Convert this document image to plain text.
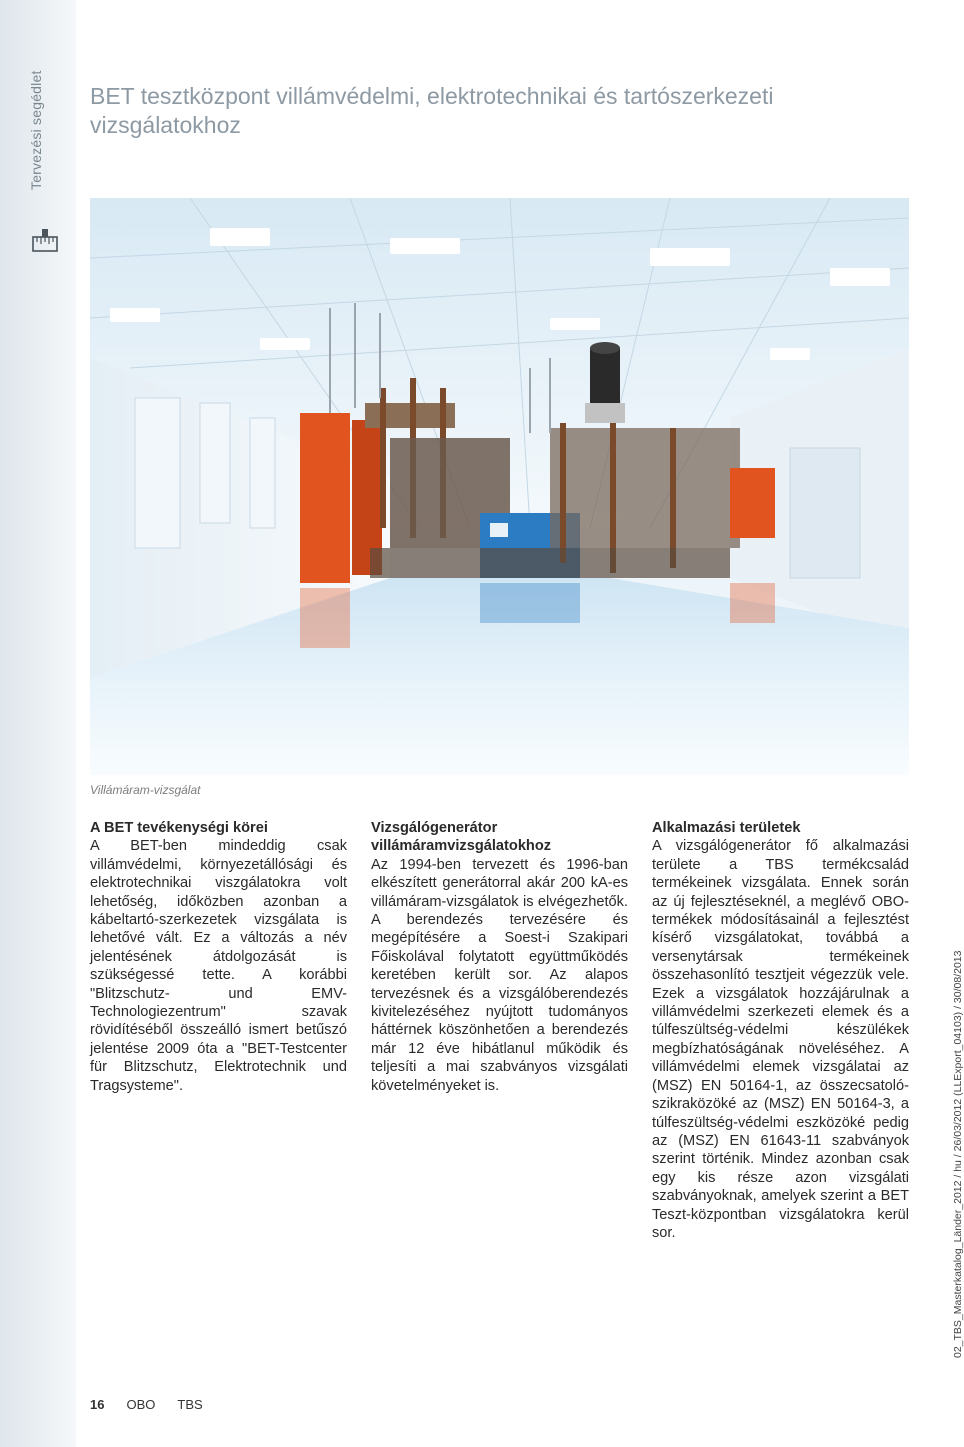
Tervezési segédlet BET tesztközpont villámvédelmi, elektrotechnikai és tartószerkezeti
vizsgálatokhoz
Villámáram-vizsgálat
A BET tevékenységi körei

A BET-ben mindeddig csak villámvédelmi, környezetállósági és elektrotechnikai viszgálatokra volt lehetőség, időközben azonban a kábeltartó-szerkezetek vizsgálata is lehetővé vált. Ez a változás a név jelentésének átdolgozását is szükségessé tette. A korábbi "Blitzschutz- und EMV-Technologiezentrum" szavak rövidítéséből összeálló ismert betűszó jelentése 2009 óta a "BET-Testcenter für Blitzschutz, Elektrotechnik und Tragsysteme".

Vizsgálógenerátor villámáramvizsgálatokhoz

Az 1994-ben tervezett és 1996-ban elkészített generátorral akár 200 kA-es villámáram-vizsgálatok is elvégezhetők. A berendezés tervezésére és megépítésére a Soest-i Szakipari Főiskolával folytatott együttműködés keretében került sor. Az alapos tervezésnek és a vizsgálóberendezés kivitelezéséhez nyújtott tudományos háttérnek köszönhetően a berendezés már 12 éve hibátlanul működik és teljesíti a mai szabványos vizsgálati követelményeket is.

Alkalmazási területek

A vizsgálógenerátor fő alkalmazási területe a TBS termékcsalád termékeinek vizsgálata. Ennek során az új fejlesztéseknél, a meglévő OBO-termékek módosításainál a fejlesztést kísérő vizsgálatokat, továbbá a versenytársak termékeinek összehasonlító tesztjeit végezzük vele. Ezek a vizsgálatok hozzájárulnak a villámvédelmi szerkezeti elemek és a túlfeszültség-védelmi készülékek megbízhatóságának növeléséhez. A villámvédelmi elemek vizsgálatai az (MSZ) EN 50164-1, az összecsatoló-szikraközöké az (MSZ) EN 50164-3, a túlfeszültség-védelmi eszközöké pedig az (MSZ) EN 61643-11 szabványok szerint történik. Mindez azonban csak egy kis része azon vizsgálati szabványoknak, amelyek szerint a BET Teszt-központban vizsgálatokra kerül sor.

16 OBO TBS
02_TBS_Masterkatalog_Länder_2012 / hu / 26/03/2012 (LLExport_04103) / 30/08/2013
